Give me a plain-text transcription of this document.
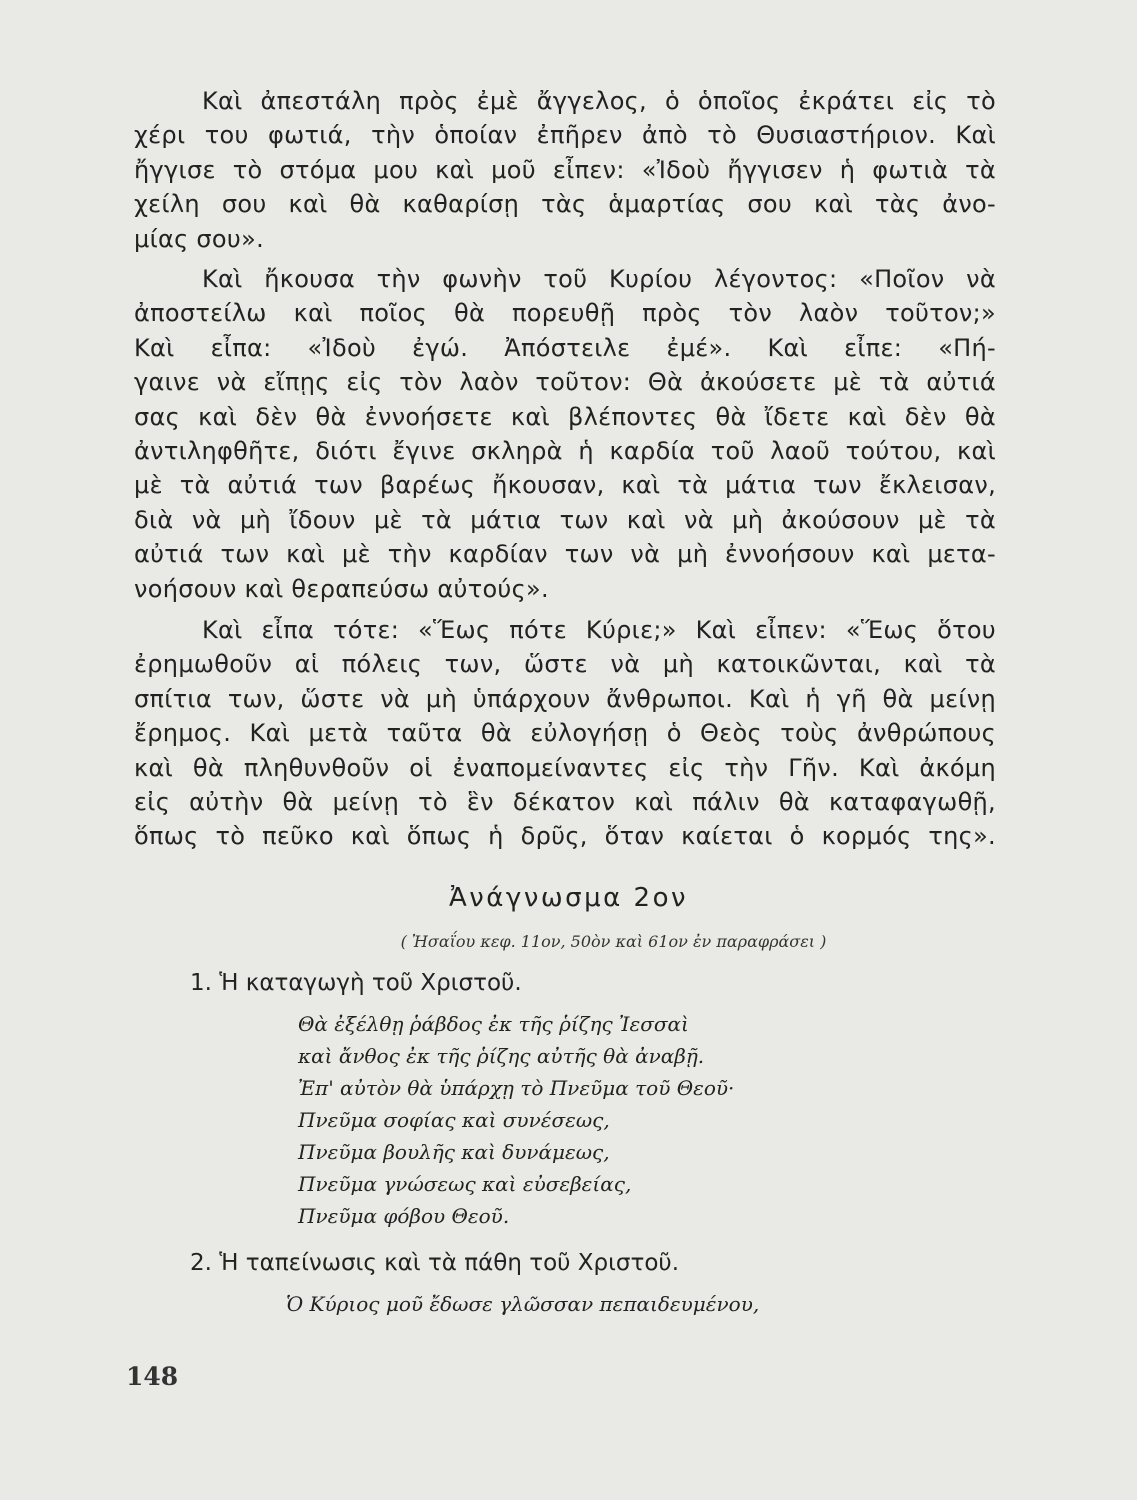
Καὶ ἀπεστάλη πρὸς ἐμὲ ἄγγελος, ὁ ὁποῖος ἐκράτει εἰς τὸ
χέρι του φωτιά, τὴν ὁποίαν ἐπῆρεν ἀπὸ τὸ Θυσιαστήριον. Καὶ
ἤγγισε τὸ στόμα μου καὶ μοῦ εἶπεν: «Ἰδοὺ ἤγγισεν ἡ φωτιὰ τὰ
χείλη σου καὶ θὰ καθαρίσῃ τὰς ἁμαρτίας σου καὶ τὰς ἀνο-
μίας σου».

Καὶ ἤκουσα τὴν φωνὴν τοῦ Κυρίου λέγοντος: «Ποῖον νὰ
ἀποστείλω καὶ ποῖος θὰ πορευθῇ πρὸς τὸν λαὸν τοῦτον;»
Καὶ εἶπα: «Ἰδοὺ ἐγώ. Ἀπόστειλε ἐμέ». Καὶ εἶπε: «Πή-
γαινε νὰ εἴπῃς εἰς τὸν λαὸν τοῦτον: Θὰ ἀκούσετε μὲ τὰ αὐτιά
σας καὶ δὲν θὰ ἐννοήσετε καὶ βλέποντες θὰ ἴδετε καὶ δὲν θὰ
ἀντιληφθῆτε, διότι ἔγινε σκληρὰ ἡ καρδία τοῦ λαοῦ τούτου, καὶ
μὲ τὰ αὐτιά των βαρέως ἤκουσαν, καὶ τὰ μάτια των ἔκλεισαν,
διὰ νὰ μὴ ἴδουν μὲ τὰ μάτια των καὶ νὰ μὴ ἀκούσουν μὲ τὰ
αὐτιά των καὶ μὲ τὴν καρδίαν των νὰ μὴ ἐννοήσουν καὶ μετα-
νοήσουν καὶ θεραπεύσω αὐτούς».

Καὶ εἶπα τότε: «Ἕως πότε Κύριε;» Καὶ εἶπεν: «Ἕως ὅτου
ἐρημωθοῦν αἱ πόλεις των, ὥστε νὰ μὴ κατοικῶνται, καὶ τὰ
σπίτια των, ὥστε νὰ μὴ ὑπάρχουν ἄνθρωποι. Καὶ ἡ γῆ θὰ μείνῃ
ἔρημος. Καὶ μετὰ ταῦτα θὰ εὐλογήσῃ ὁ Θεὸς τοὺς ἀνθρώπους
καὶ θὰ πληθυνθοῦν οἱ ἐναπομείναντες εἰς τὴν Γῆν. Καὶ ἀκόμη
εἰς αὐτὴν θὰ μείνῃ τὸ ἓν δέκατον καὶ πάλιν θὰ καταφαγωθῇ,
ὅπως τὸ πεῦκο καὶ ὅπως ἡ δρῦς, ὅταν καίεται ὁ κορμός της».

Ἀνάγνωσμα 2ον
( Ἠσαΐου κεφ. 11ον, 50ὸν καὶ 61ον ἐν παραφράσει )
1. Ἡ καταγωγὴ τοῦ Χριστοῦ.
Θὰ ἐξέλθῃ ῥάβδος ἐκ τῆς ῥίζης Ἰεσσαὶ
καὶ ἄνθος ἐκ τῆς ῥίζης αὐτῆς θὰ ἀναβῇ.
Ἐπ' αὐτὸν θὰ ὑπάρχῃ τὸ Πνεῦμα τοῦ Θεοῦ·
Πνεῦμα σοφίας καὶ συνέσεως,
Πνεῦμα βουλῆς καὶ δυνάμεως,
Πνεῦμα γνώσεως καὶ εὐσεβείας,
Πνεῦμα φόβου Θεοῦ.
2. Ἡ ταπείνωσις καὶ τὰ πάθη τοῦ Χριστοῦ.
Ὁ Κύριος μοῦ ἔδωσε γλῶσσαν πεπαιδευμένου,
148
